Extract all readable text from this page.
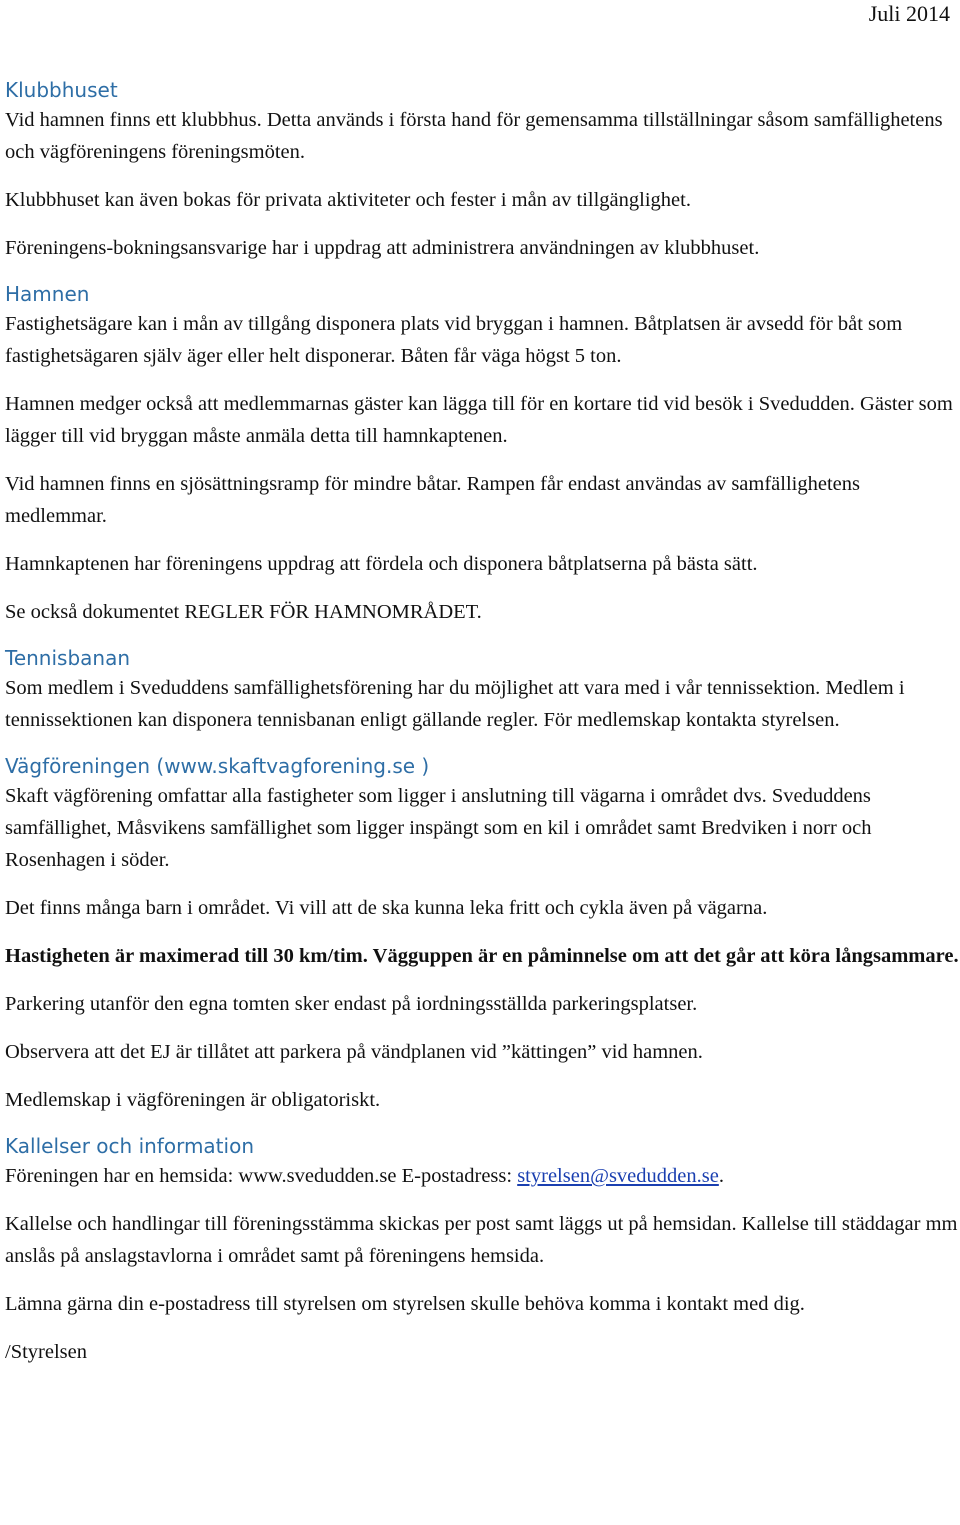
Juli 2014
Klubbhuset

Vid hamnen finns ett klubbhus. Detta används i första hand för gemensamma tillställningar såsom samfällighetens och vägföreningens föreningsmöten.

Klubbhuset kan även bokas för privata aktiviteter och fester i mån av tillgänglighet.

Föreningens-bokningsansvarige har i uppdrag att administrera användningen av klubbhuset.

Hamnen

Fastighetsägare kan i mån av tillgång disponera plats vid bryggan i hamnen. Båtplatsen är avsedd för båt som fastighetsägaren själv äger eller helt disponerar. Båten får väga högst 5 ton.

Hamnen medger också att medlemmarnas gäster kan lägga till för en kortare tid vid besök i Svedudden. Gäster som lägger till vid bryggan måste anmäla detta till hamnkaptenen.

Vid hamnen finns en sjösättningsramp för mindre båtar. Rampen får endast användas av samfällighetens medlemmar.

Hamnkaptenen har föreningens uppdrag att fördela och disponera båtplatserna på bästa sätt.

Se också dokumentet REGLER FÖR HAMNOMRÅDET.

Tennisbanan

Som medlem i Sveduddens samfällighetsförening har du möjlighet att vara med i vår tennissektion. Medlem i tennissektionen kan disponera tennisbanan enligt gällande regler. För medlemskap kontakta styrelsen.

Vägföreningen (www.skaftvagforening.se )

Skaft vägförening omfattar alla fastigheter som ligger i anslutning till vägarna i området dvs. Sveduddens samfällighet, Måsvikens samfällighet som ligger inspängt som en kil i området samt Bredviken i norr och Rosenhagen i söder.

Det finns många barn i området. Vi vill att de ska kunna leka fritt och cykla även på vägarna.

Hastigheten är maximerad till 30 km/tim. Vägguppen är en påminnelse om att det går att köra långsammare.

Parkering utanför den egna tomten sker endast på iordningsställda parkeringsplatser.

Observera att det EJ är tillåtet att parkera på vändplanen vid ”kättingen” vid hamnen.

Medlemskap i vägföreningen är obligatoriskt.

Kallelser och information

Föreningen har en hemsida: www.svedudden.se E-postadress: styrelsen@svedudden.se.

Kallelse och handlingar till föreningsstämma skickas per post samt läggs ut på hemsidan. Kallelse till städdagar mm anslås på anslagstavlorna i området samt på föreningens hemsida.

Lämna gärna din e-postadress till styrelsen om styrelsen skulle behöva komma i kontakt med dig.

/Styrelsen
